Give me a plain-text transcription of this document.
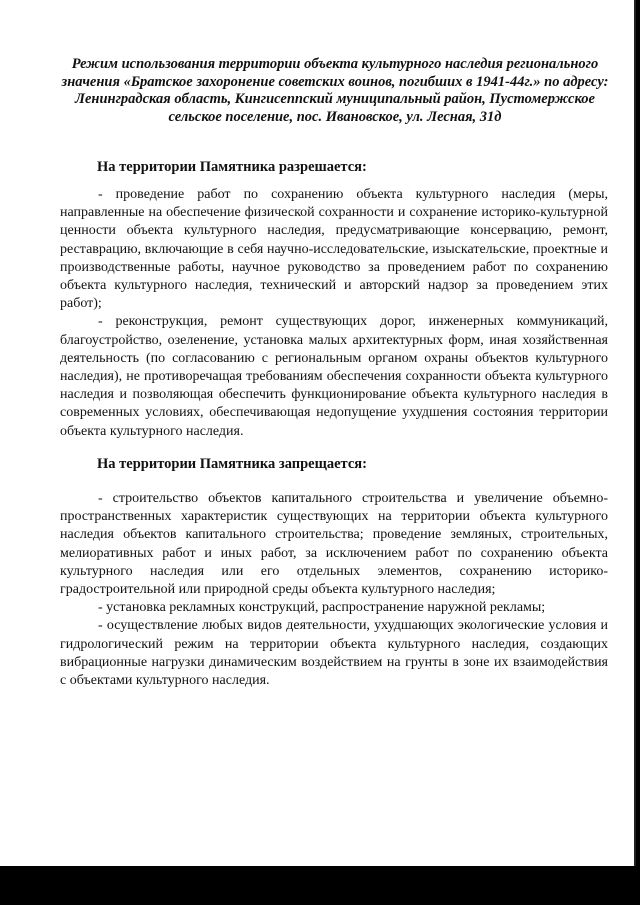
Режим использования территории объекта культурного наследия регионального значения «Братское захоронение советских воинов, погибших в 1941-44г.» по адресу: Ленинградская область, Кингисеппский муниципальный район, Пустомержское сельское поселение, пос. Ивановское, ул. Лесная, 31д
На территории Памятника разрешается:

- проведение работ по сохранению объекта культурного наследия (меры, направленные на обеспечение физической сохранности и сохранение историко-культурной ценности объекта культурного наследия, предусматривающие консервацию, ремонт, реставрацию, включающие в себя научно-исследовательские, изыскательские, проектные и производственные работы, научное руководство за проведением работ по сохранению объекта культурного наследия, технический и авторский надзор за проведением этих работ);

- реконструкция, ремонт существующих дорог, инженерных коммуникаций, благоустройство, озеленение, установка малых архитектурных форм, иная хозяйственная деятельность (по согласованию с региональным органом охраны объектов культурного наследия), не противоречащая требованиям обеспечения сохранности объекта культурного наследия и позволяющая обеспечить функционирование объекта культурного наследия в современных условиях, обеспечивающая недопущение ухудшения состояния территории объекта культурного наследия.

На территории Памятника запрещается:

- строительство объектов капитального строительства и увеличение объемно-пространственных характеристик существующих на территории объекта культурного наследия объектов капитального строительства; проведение земляных, строительных, мелиоративных работ и иных работ, за исключением работ по сохранению объекта культурного наследия или его отдельных элементов, сохранению историко-градостроительной или природной среды объекта культурного наследия;

- установка рекламных конструкций, распространение наружной рекламы;

- осуществление любых видов деятельности, ухудшающих экологические условия и гидрологический режим на территории объекта культурного наследия, создающих вибрационные нагрузки динамическим воздействием на грунты в зоне их взаимодействия с объектами культурного наследия.
